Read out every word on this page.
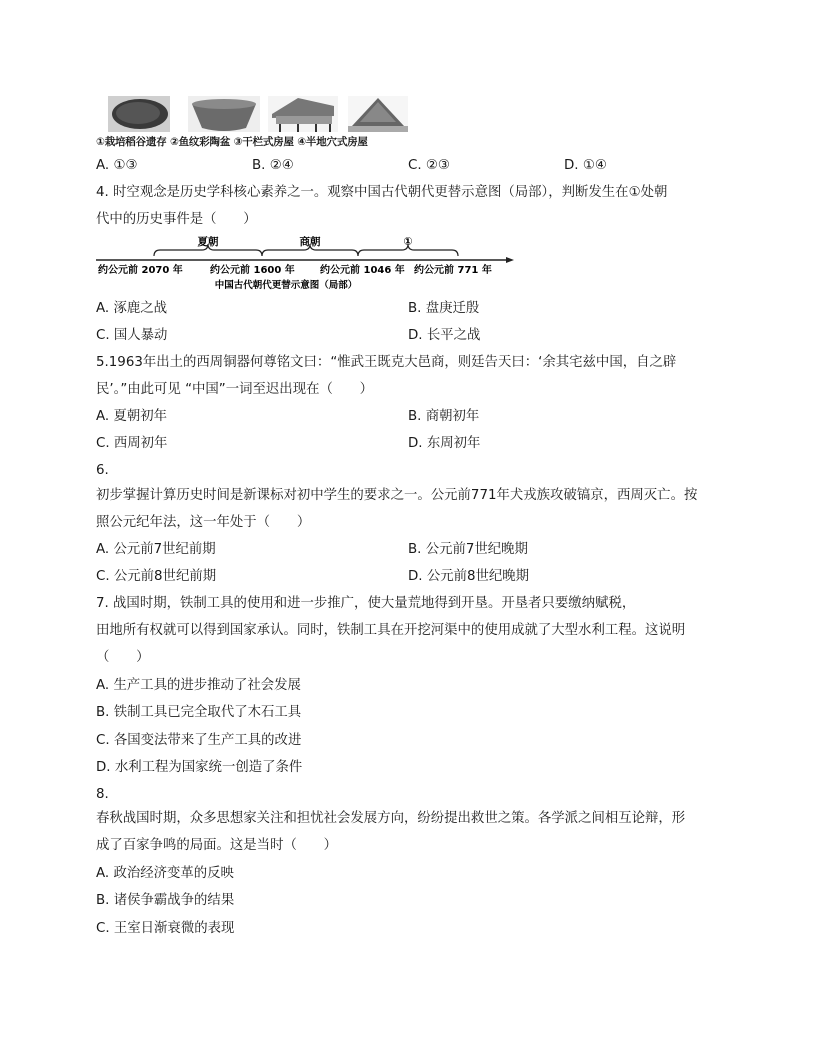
①栽培稻谷遗存 ②鱼纹彩陶盆 ③干栏式房屋 ④半地穴式房屋
A. ①③	B. ②④	C. ②③	D. ①④
4. 时空观念是历史学科核心素养之一。观察中国古代朝代更替示意图（局部），判断发生在①处朝
代中的历史事件是（　　）
夏朝	商朝	①
约公元前 2070 年	约公元前 1600 年	约公元前 1046 年 约公元前 771 年
中国古代朝代更替示意图（局部）
A. 涿鹿之战	B. 盘庚迁殷
C. 国人暴动	D. 长平之战
5.1963年出土的西周铜器何尊铭文曰：“惟武王既克大邑商，则廷告天曰：‘余其宅兹中国，自之辟
民’。”由此可见 “中国”一词至迟出现在（　　）
A. 夏朝初年	B. 商朝初年
C. 西周初年	D. 东周初年
6.
初步掌握计算历史时间是新课标对初中学生的要求之一。公元前771年犬戎族攻破镐京，西周灭亡。按
照公元纪年法，这一年处于（　　）
A. 公元前7世纪前期	B. 公元前7世纪晚期
C. 公元前8世纪前期	D. 公元前8世纪晚期
7. 战国时期，铁制工具的使用和进一步推广，使大量荒地得到开垦。开垦者只要缴纳赋税，
田地所有权就可以得到国家承认。同时，铁制工具在开挖河渠中的使用成就了大型水利工程。这说明
（　　）
A. 生产工具的进步推动了社会发展
B. 铁制工具已完全取代了木石工具
C. 各国变法带来了生产工具的改进
D. 水利工程为国家统一创造了条件
8.
春秋战国时期，众多思想家关注和担忧社会发展方向，纷纷提出救世之策。各学派之间相互论辩，形
成了百家争鸣的局面。这是当时（　　）
A. 政治经济变革的反映
B. 诸侯争霸战争的结果
C. 王室日渐衰微的表现
